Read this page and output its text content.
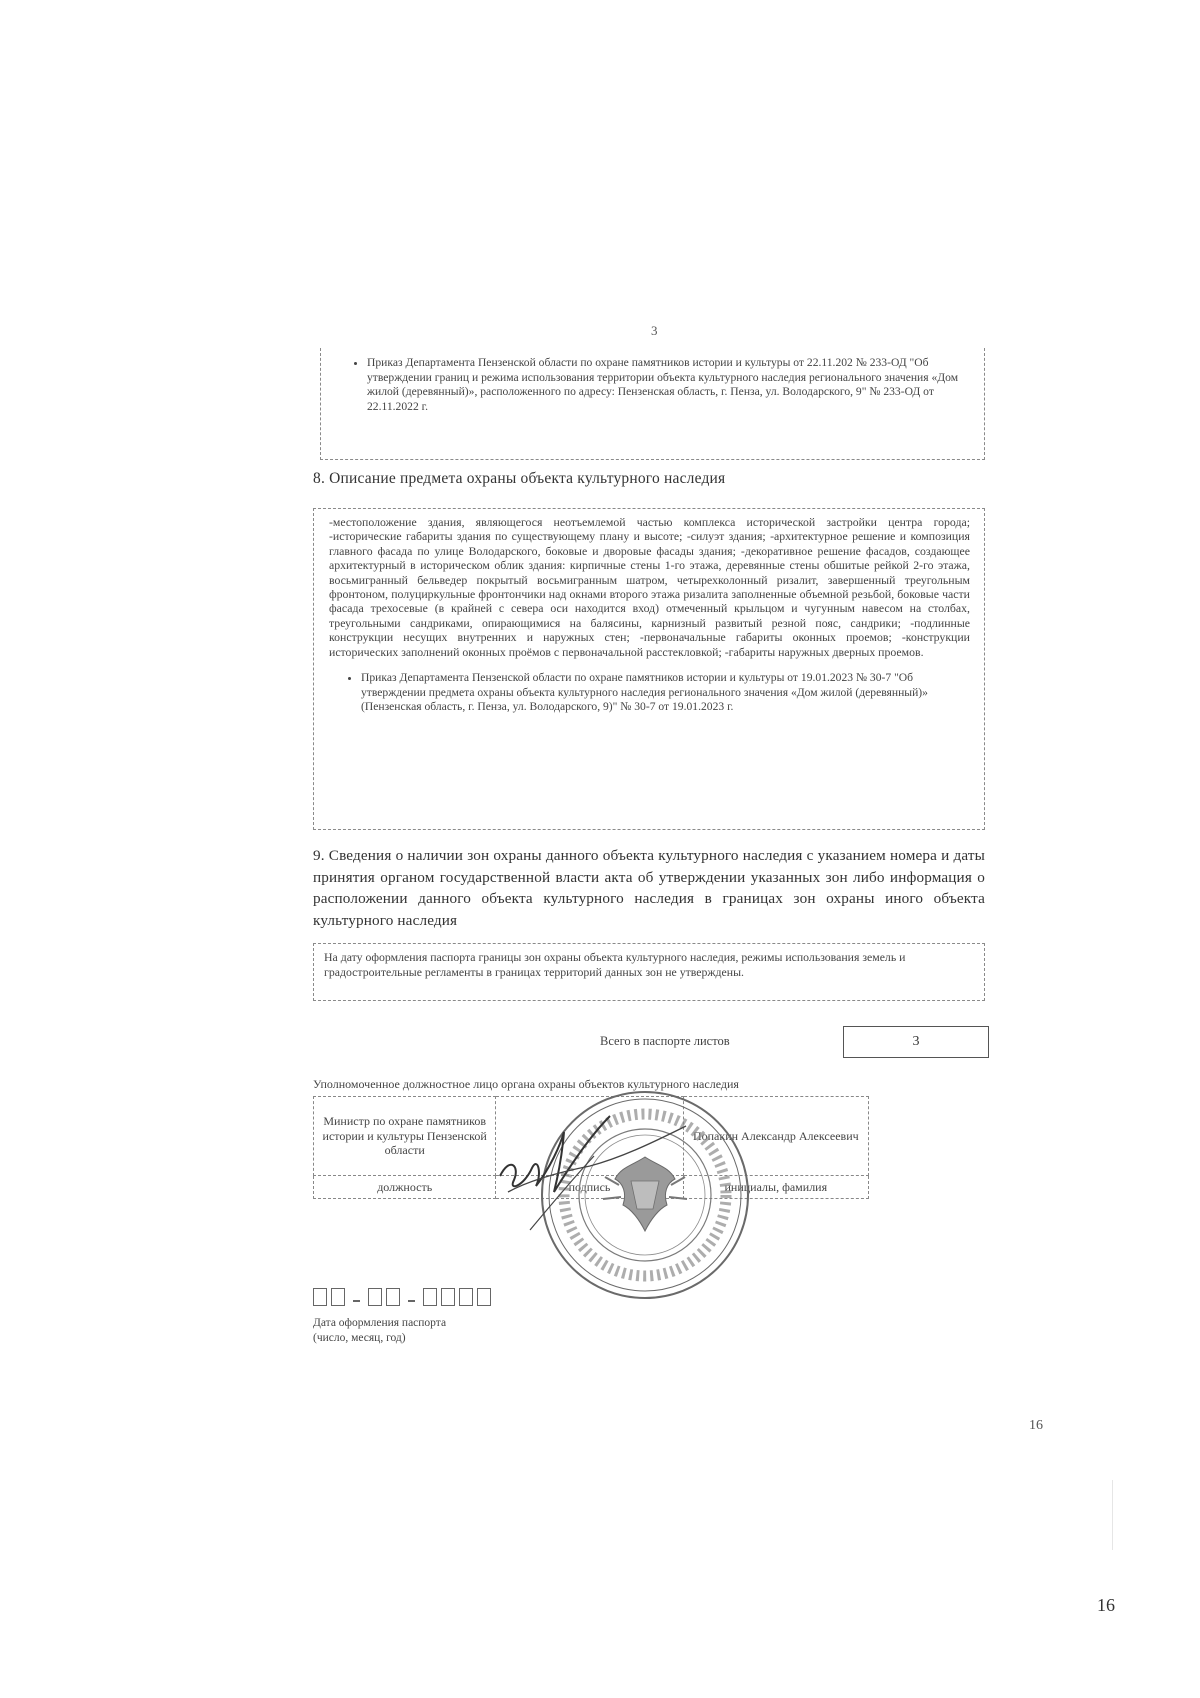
3
• Приказ Департамента Пензенской области по охране памятников истории и культуры от 22.11.202 № 233-ОД "Об утверждении границ и режима использования территории объекта культурного наследия регионального значения «Дом жилой (деревянный)», расположенного по адресу: Пензенская область, г. Пенза, ул. Володарского, 9" № 233-ОД от 22.11.2022 г.
8. Описание предмета охраны объекта культурного наследия

-местоположение здания, являющегося неотъемлемой частью комплекса исторической застройки центра города; -исторические габариты здания по существующему плану и высоте; -силуэт здания; -архитектурное решение и композиция главного фасада по улице Володарского, боковые и дворовые фасады здания; -декоративное решение фасадов, создающее архитектурный в историческом облик здания: кирпичные стены 1-го этажа, деревянные стены обшитые рейкой 2-го этажа, восьмигранный бельведер покрытый восьмигранным шатром, четырехколонный ризалит, завершенный треугольным фронтоном, полуциркульные фронтончики над окнами второго этажа ризалита заполненные объемной резьбой, боковые части фасада трехосевые (в крайней с севера оси находится вход) отмеченный крыльцом и чугунным навесом на столбах, треугольными сандриками, опирающимися на балясины, карнизный развитый резной пояс, сандрики; -подлинные конструкции несущих внутренних и наружных стен; -первоначальные габариты оконных проемов; -конструкции исторических заполнений оконных проёмов с первоначальной расстекловкой; -габариты наружных дверных проемов.

• Приказ Департамента Пензенской области по охране памятников истории и культуры от 19.01.2023 № 30-7 "Об утверждении предмета охраны объекта культурного наследия регионального значения «Дом жилой (деревянный)» (Пензенская область, г. Пенза, ул. Володарского, 9)" № 30-7 от 19.01.2023 г.
9. Сведения о наличии зон охраны данного объекта культурного наследия с указанием номера и даты принятия органом государственной власти акта об утверждении указанных зон либо информация о расположении данного объекта культурного наследия в границах зон охраны иного объекта культурного наследия

На дату оформления паспорта границы зон охраны объекта культурного наследия, режимы использования земель и градостроительные регламенты в границах территорий данных зон не утверждены.

Всего в паспорте листов	3
Уполномоченное должностное лицо органа охраны объектов культурного наследия
Министр по охране памятников истории и культуры Пензенской области		Попакин Александр Алексеевич
должность	подпись	инициалы, фамилия
Дата оформления паспорта
(число, месяц, год)
16
16
